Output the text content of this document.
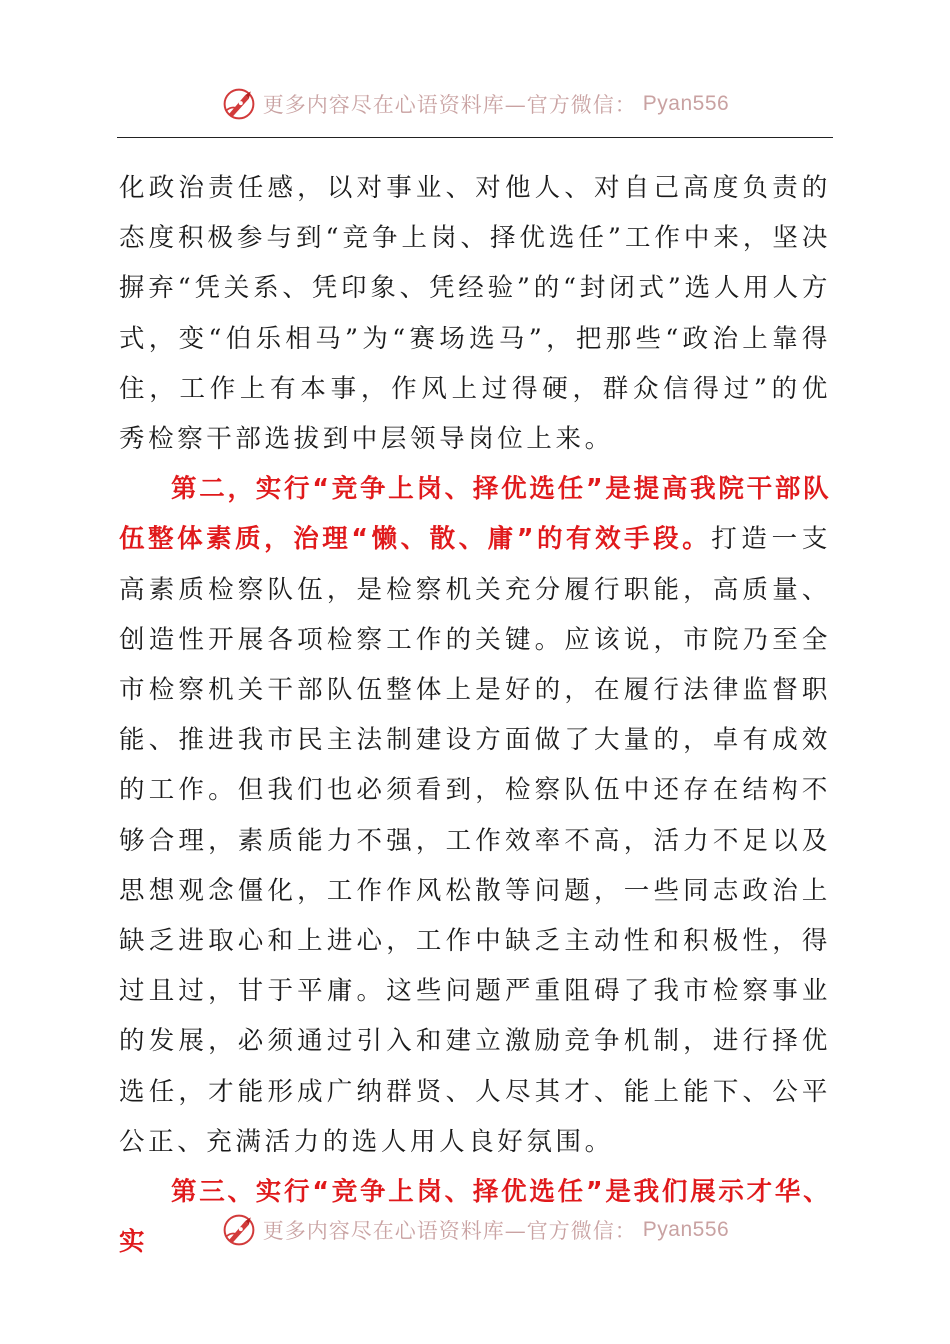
更多内容尽在心语资料库—官方微信： Pyan556

化政治责任感，以对事业、对他人、对自己高度负责的态度积极参与到“竞争上岗、择优选任”工作中来，坚决摒弃“凭关系、凭印象、凭经验”的“封闭式”选人用人方式，变“伯乐相马”为“赛场选马”，把那些“政治上靠得住，工作上有本事，作风上过得硬，群众信得过”的优秀检察干部选拔到中层领导岗位上来。

第二，实行“竞争上岗、择优选任”是提高我院干部队伍整体素质，治理“懒、散、庸”的有效手段。打造一支高素质检察队伍，是检察机关充分履行职能，高质量、创造性开展各项检察工作的关键。应该说，市院乃至全市检察机关干部队伍整体上是好的，在履行法律监督职能、推进我市民主法制建设方面做了大量的，卓有成效的工作。但我们也必须看到，检察队伍中还存在结构不够合理，素质能力不强，工作效率不高，活力不足以及思想观念僵化，工作作风松散等问题，一些同志政治上缺乏进取心和上进心，工作中缺乏主动性和积极性，得过且过，甘于平庸。这些问题严重阻碍了我市检察事业的发展，必须通过引入和建立激励竞争机制，进行择优选任，才能形成广纳群贤、人尽其才、能上能下、公平公正、充满活力的选人用人良好氛围。

第三、实行“竞争上岗、择优选任”是我们展示才华、实	更多内容尽在心语资料库—官方微信： Pyan556
